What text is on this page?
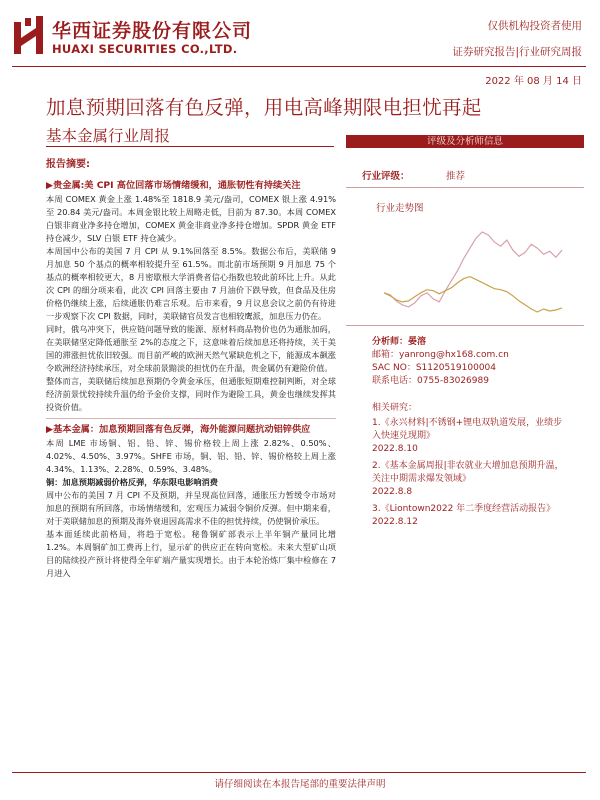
华西证券股份有限公司
HUAXI SECURITIES CO.,LTD.
仅供机构投资者使用
证券研究报告|行业研究周报
2022 年 08 月 14 日
加息预期回落有色反弹，用电高峰期限电担忧再起
基本金属行业周报
报告摘要:
▶贵金属:美 CPI 高位回落市场情绪缓和，通胀韧性有持续关注

本周 COMEX 黄金上涨 1.48%至 1818.9 美元/盎司，COMEX 银上涨 4.91%至 20.84 美元/盎司。本周金银比较上周略走低，目前为 87.30。本周 COMEX 白银非商业净多持仓增加，COMEX 黄金非商业净多持仓增加。SPDR 黄金 ETF 持仓减少，SLV 白银 ETF 持仓减少。

本周国中公布的美国 7 月 CPI 从 9.1%回落至 8.5%。数据公布后，美联储 9 月加息 50 个基点的概率相较提升至 61.5%。而北前市场预期 9 月加息 75 个基点的概率相较更大，8 月密歇根大学消费者信心指数也较此前环比上升。从此次 CPI 的细分项来看，此次 CPI 回落主要由 7 月油价下跌导致，但食品及住房价格仍继续上涨，后续通胀仍难言乐观。后市来看，9 月议息会议之前仍有待进一步观察下次 CPI 数据，同时，美联储官员发言也相较鹰派，加息压力仍在。

同时，俄乌冲突下，供应链问题导致的能源、原材料商品物价也仍为通胀加码，在美联储坚定降低通胀至 2%的态度之下，这意味着后续加息还将持续，关于美国的滞涨担忧依旧较强。而目前严峻的欧洲天然气紧缺危机之下，能源成本飙涨令欧洲经济持续承压，对全球前景黯淡的担忧仍在升温，贵金属仍有避险价值。

整体而言，美联储后续加息预期仍令黄金承压，但通胀短期难控制判断，对全球经济前景忧较持续升温仍给予金价支撑，同时作为避险工具，黄金也继续发挥其投资价值。

▶基本金属：加息预期回落有色反弹，海外能源问题抗动铝锌供应

本周 LME 市场铜、铝、铅、锌、锡价格较上周上涨 2.82%、0.50%、4.02%、4.50%、3.97%。SHFE 市场，铜、铝、铅、锌、锡价格较上周上涨 4.34%、1.13%、2.28%、0.59%、3.48%。

铜：加息预期减弱价格反弹，华东限电影响消费

周中公布的美国 7 月 CPI 不及预期，并呈现高位回落，通胀压力暂缓令市场对加息的预期有所回落，市场情绪缓和，宏观压力减弱令铜价反弹。但中期来看，对于美联储加息的预期及海外衰退因高需求不佳的担忧持续，仍使铜价承压。

基本面延续此前格局，将趋于宽松。秘鲁铜矿部表示上半年铜产量同比增 1.2%。本周铜矿加工费再上行，显示矿的供应正在转向宽松。未来大型矿山项目的陆续投产预计将使得全年矿端产量实现增长。由于本轮治炼厂集中检修在 7 月进入

评级及分析师信息
行业评级：	推荐
行业走势图
分析师：晏溶
邮箱：yanrong@hx168.com.cn
SAC NO：S1120519100004
联系电话：0755-83026989
相关研究：
1.《永兴材料|不锈钢+锂电双轨道发展，业绩步入快速兑现期》
2022.8.10
2.《基本金属周报|非农就业大增加息预期升温，关注中期需求爆发领域》
2022.8.8
3.《Liontown2022 年二季度经营活动报告》
2022.8.12
请仔细阅读在本报告尾部的重要法律声明
